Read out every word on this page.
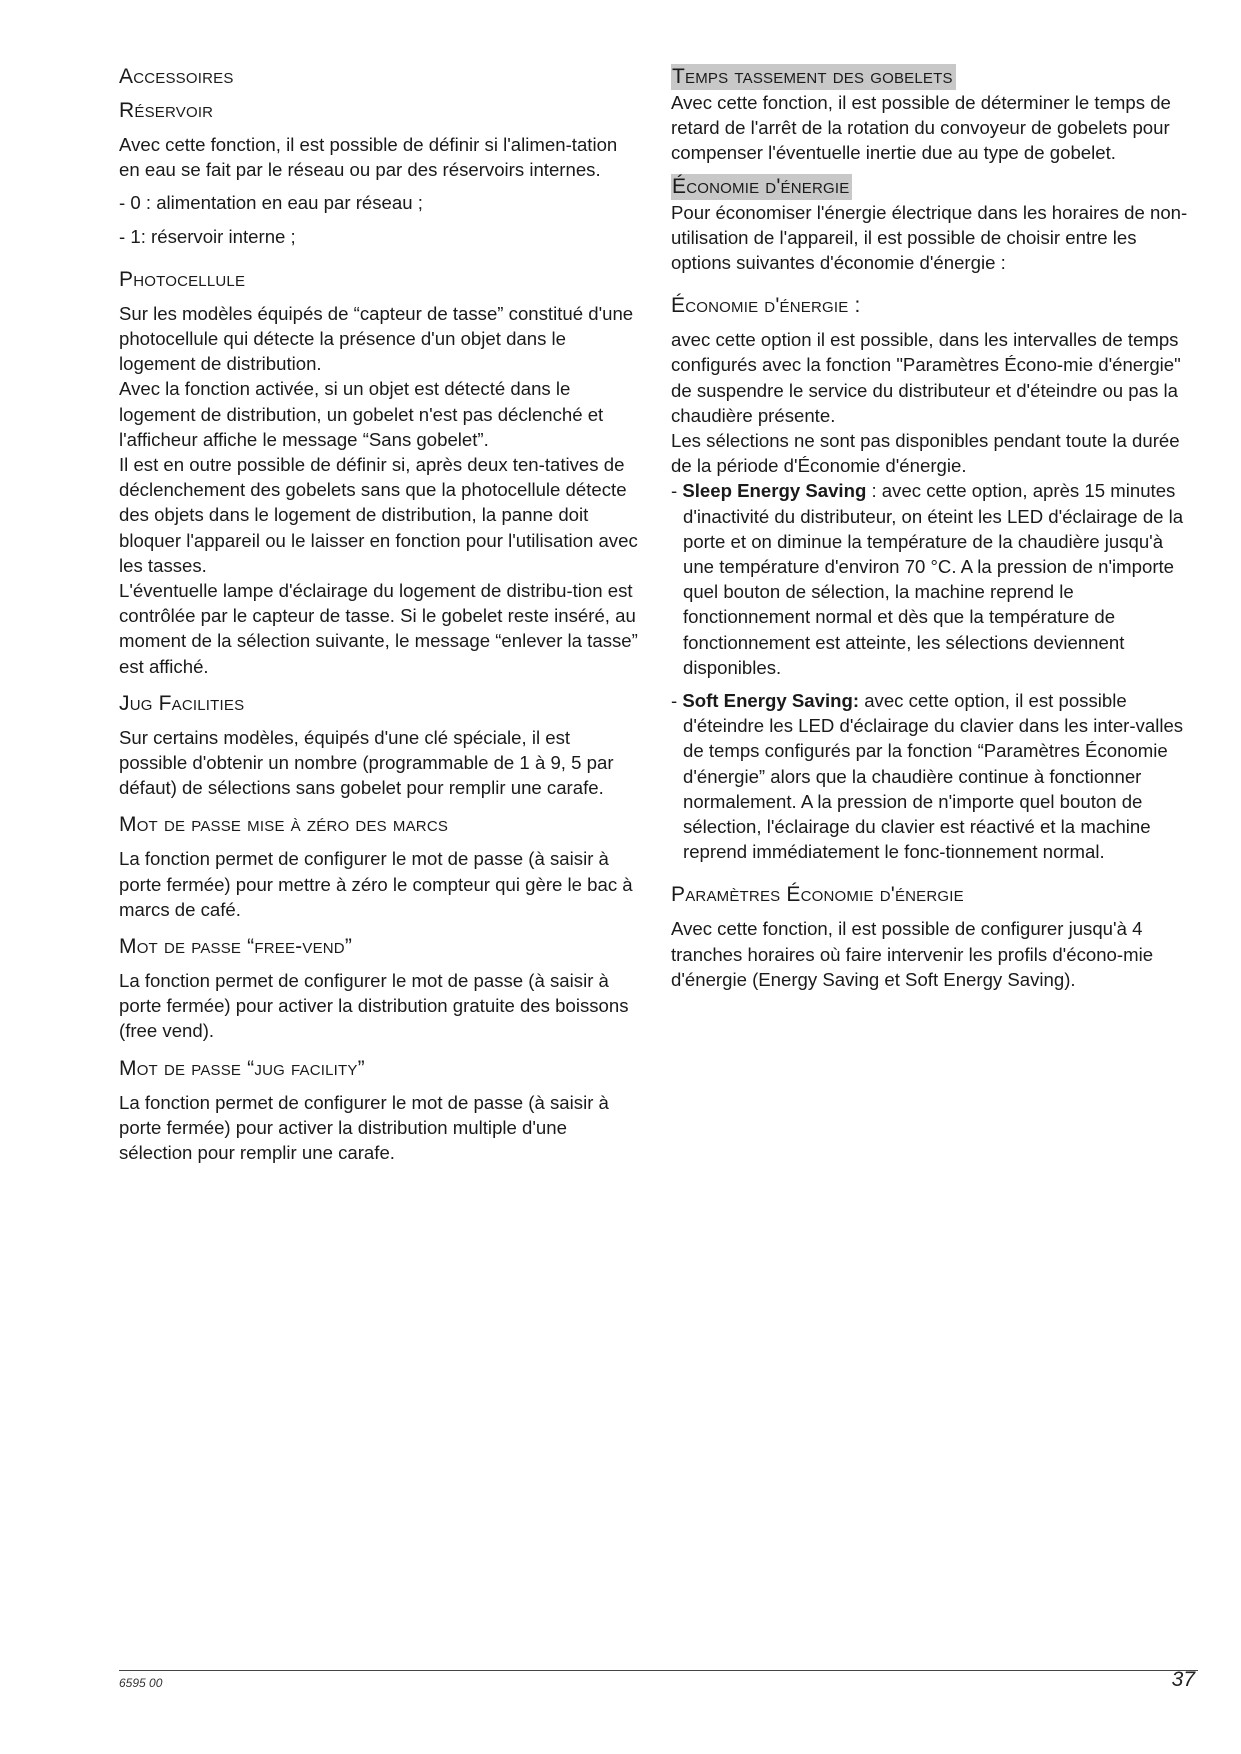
Accessoires
Réservoir

Avec cette fonction, il est possible de définir si l'alimen-tation en eau se fait par le réseau ou par des réservoirs internes.

- 0 : alimentation en eau par réseau ;

- 1: réservoir interne ;

Photocellule

Sur les modèles équipés de “capteur de tasse” constitué d'une photocellule qui détecte la présence d'un objet dans le logement de distribution.
Avec la fonction activée, si un objet est détecté dans le logement de distribution, un gobelet n'est pas déclenché et l'afficheur affiche le message “Sans gobelet”.
Il est en outre possible de définir si, après deux ten-tatives de déclenchement des gobelets sans que la photocellule détecte des objets dans le logement de distribution, la panne doit bloquer l'appareil ou le laisser en fonction pour l'utilisation avec les tasses.
L'éventuelle lampe d'éclairage du logement de distribu-tion est contrôlée par le capteur de tasse. Si le gobelet reste inséré, au moment de la sélection suivante, le message “enlever la tasse” est affiché.

Jug Facilities

Sur certains modèles, équipés d'une clé spéciale, il est possible d'obtenir un nombre (programmable de 1 à 9, 5 par défaut) de sélections sans gobelet pour remplir une carafe.

Mot de passe mise à zéro des marcs

La fonction permet de configurer le mot de passe (à saisir à porte fermée) pour mettre à zéro le compteur qui gère le bac à marcs de café.

Mot de passe “free-vend”

La fonction permet de configurer le mot de passe (à saisir à porte fermée) pour activer la distribution gratuite des boissons (free vend).

Mot de passe “jug facility”

La fonction permet de configurer le mot de passe (à saisir à porte fermée) pour activer la distribution multiple d'une sélection pour remplir une carafe.

Temps tassement des gobelets

Avec cette fonction, il est possible de déterminer le temps de retard de l'arrêt de la rotation du convoyeur de gobelets pour compenser l'éventuelle inertie due au type de gobelet.

Économie d'énergie

Pour économiser l'énergie électrique dans les horaires de non-utilisation de l'appareil, il est possible de choisir entre les options suivantes d'économie d'énergie :

Économie d'énergie :

avec cette option il est possible, dans les intervalles de temps configurés avec la fonction "Paramètres Écono-mie d'énergie" de suspendre le service du distributeur et d'éteindre ou pas la chaudière présente.
Les sélections ne sont pas disponibles pendant toute la durée de la période d'Économie d'énergie.

- Sleep Energy Saving : avec cette option, après 15 minutes d'inactivité du distributeur, on éteint les LED d'éclairage de la porte et on diminue la température de la chaudière jusqu'à une température d'environ 70 °C. A la pression de n'importe quel bouton de sélection, la machine reprend le fonctionnement normal et dès que la température de fonctionnement est atteinte, les sélections deviennent disponibles.
- Soft Energy Saving: avec cette option, il est possible d'éteindre les LED d'éclairage du clavier dans les inter-valles de temps configurés par la fonction “Paramètres Économie d'énergie” alors que la chaudière continue à fonctionner normalement. A la pression de n'importe quel bouton de sélection, l'éclairage du clavier est réactivé et la machine reprend immédiatement le fonc-tionnement normal.
Paramètres Économie d'énergie

Avec cette fonction, il est possible de configurer jusqu'à 4 tranches horaires où faire intervenir les profils d'écono-mie d'énergie (Energy Saving et Soft Energy Saving).

6595 00	37
